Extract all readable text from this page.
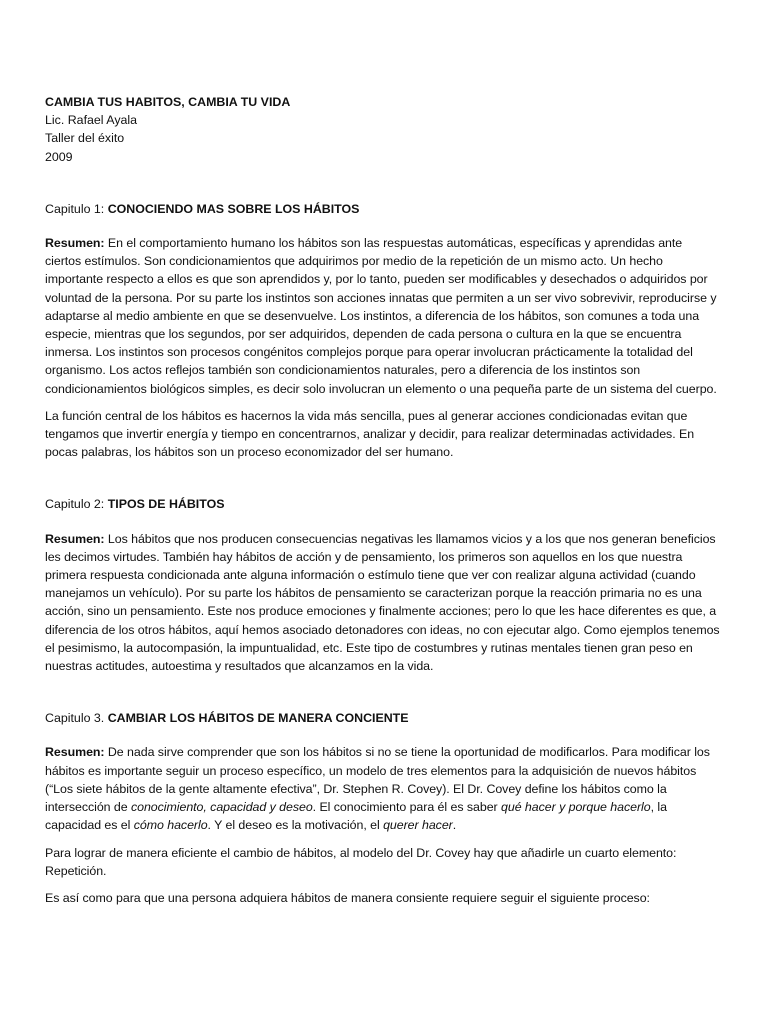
CAMBIA TUS HABITOS, CAMBIA TU VIDA

Lic. Rafael Ayala

Taller del éxito

2009

Capitulo 1: CONOCIENDO MAS SOBRE LOS HÁBITOS

Resumen: En el comportamiento humano los hábitos son las respuestas automáticas, específicas y aprendidas ante ciertos estímulos. Son condicionamientos que adquirimos por medio de la repetición de un mismo acto. Un hecho importante respecto a ellos es que son aprendidos y, por lo tanto, pueden ser modificables y desechados o adquiridos por voluntad de la persona. Por su parte los instintos son acciones innatas que permiten a un ser vivo sobrevivir, reproducirse y adaptarse al medio ambiente en que se desenvuelve. Los instintos, a diferencia de los hábitos, son comunes a toda una especie, mientras que los segundos, por ser adquiridos, dependen de cada persona o cultura en la que se encuentra inmersa. Los instintos son procesos congénitos complejos porque para operar involucran prácticamente la totalidad del organismo. Los actos reflejos también son condicionamientos naturales, pero a diferencia de los instintos son condicionamientos biológicos simples, es decir solo involucran un elemento o una pequeña parte de un sistema del cuerpo.

La función central de los hábitos es hacernos la vida más sencilla, pues al generar acciones condicionadas evitan que tengamos que invertir energía y tiempo en concentrarnos, analizar y decidir, para realizar determinadas actividades. En pocas palabras, los hábitos son un proceso economizador del ser humano.

Capitulo 2: TIPOS DE HÁBITOS

Resumen: Los hábitos que nos producen consecuencias negativas les llamamos vicios y a los que nos generan beneficios les decimos virtudes. También hay hábitos de acción y de pensamiento, los primeros son aquellos en los que nuestra primera respuesta condicionada ante alguna información o estímulo tiene que ver con realizar alguna actividad (cuando manejamos un vehículo). Por su parte los hábitos de pensamiento se caracterizan porque la reacción primaria no es una acción, sino un pensamiento. Este nos produce emociones y finalmente acciones; pero lo que les hace diferentes es que, a diferencia de los otros hábitos, aquí hemos asociado detonadores con ideas, no con ejecutar algo. Como ejemplos tenemos el pesimismo, la autocompasión, la impuntualidad, etc. Este tipo de costumbres y rutinas mentales tienen gran peso en nuestras actitudes, autoestima y resultados que alcanzamos en la vida.

Capitulo 3. CAMBIAR LOS HÁBITOS DE MANERA CONCIENTE

Resumen: De nada sirve comprender que son los hábitos si no se tiene la oportunidad de modificarlos. Para modificar los hábitos es importante seguir un proceso específico, un modelo de tres elementos para la adquisición de nuevos hábitos (“Los siete hábitos de la gente altamente efectiva”, Dr. Stephen R. Covey). El Dr. Covey define los hábitos como la intersección de conocimiento, capacidad y deseo. El conocimiento para él es saber qué hacer y porque hacerlo, la capacidad es el cómo hacerlo. Y el deseo es la motivación, el querer hacer.

Para lograr de manera eficiente el cambio de hábitos, al modelo del Dr. Covey hay que añadirle un cuarto elemento: Repetición.

Es así como para que una persona adquiera hábitos de manera consiente requiere seguir el siguiente proceso:
